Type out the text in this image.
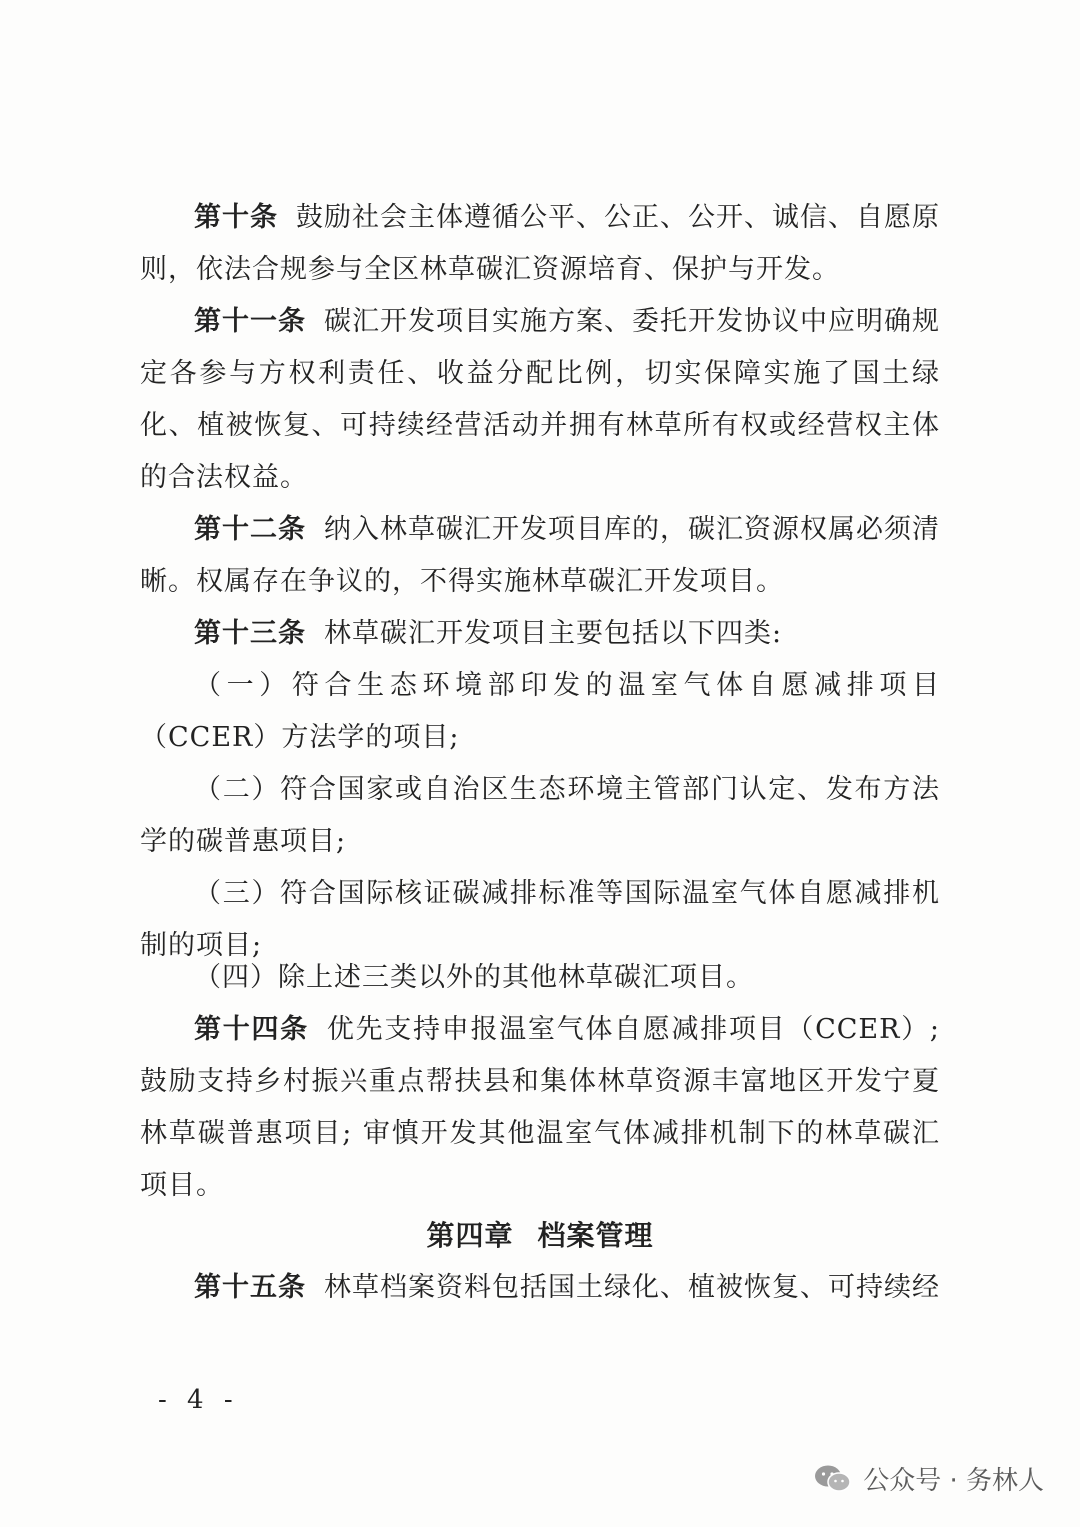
第十条 鼓励社会主体遵循公平、公正、公开、诚信、自愿原则，依法合规参与全区林草碳汇资源培育、保护与开发。

第十一条 碳汇开发项目实施方案、委托开发协议中应明确规定各参与方权利责任、收益分配比例，切实保障实施了国土绿化、植被恢复、可持续经营活动并拥有林草所有权或经营权主体的合法权益。

第十二条 纳入林草碳汇开发项目库的，碳汇资源权属必须清晰。权属存在争议的，不得实施林草碳汇开发项目。

第十三条 林草碳汇开发项目主要包括以下四类:

（一）符合生态环境部印发的温室气体自愿减排项目（CCER）方法学的项目;

（二）符合国家或自治区生态环境主管部门认定、发布方法学的碳普惠项目;

（三）符合国际核证碳减排标准等国际温室气体自愿减排机制的项目;

（四）除上述三类以外的其他林草碳汇项目。

第十四条 优先支持申报温室气体自愿减排项目（CCER）; 鼓励支持乡村振兴重点帮扶县和集体林草资源丰富地区开发宁夏林草碳普惠项目; 审慎开发其他温室气体减排机制下的林草碳汇项目。

第四章 档案管理

第十五条 林草档案资料包括国土绿化、植被恢复、可持续经

- 4 -
公众号 · 务林人
